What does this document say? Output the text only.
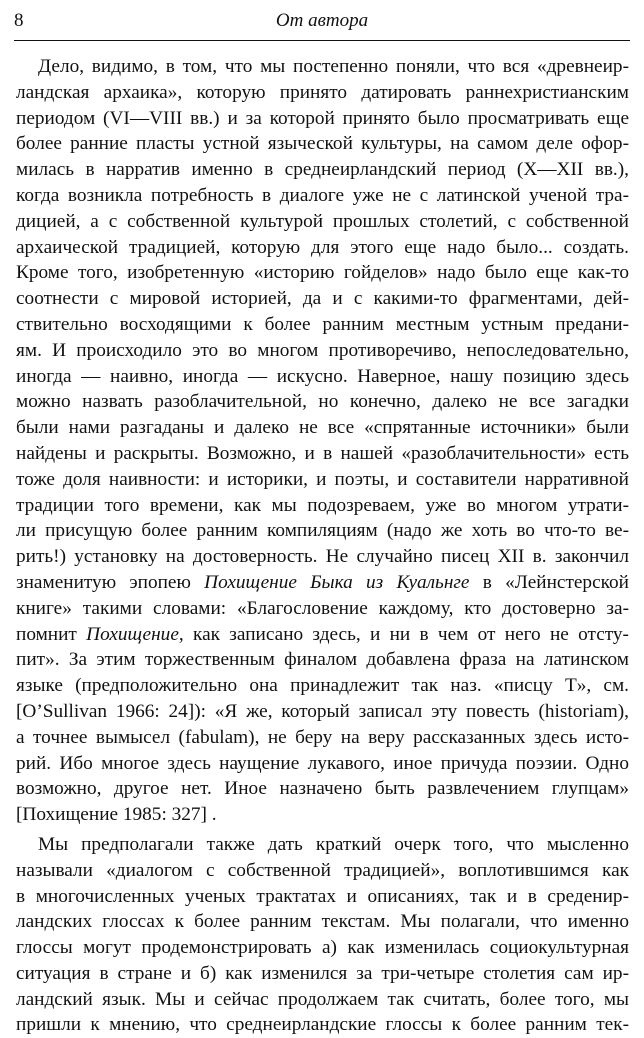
8	От автора
Дело, видимо, в том, что мы постепенно поняли, что вся «древнеир-
ландская архаика», которую принято датировать раннехристианским
периодом (VI—VIII вв.) и за которой принято было просматривать еще
более ранние пласты устной языческой культуры, на самом деле офор-
милась в нарратив именно в среднеирландский период (X—XII вв.),
когда возникла потребность в диалоге уже не с латинской ученой тра-
дицией, а с собственной культурой прошлых столетий, с собственной
архаической традицией, которую для этого еще надо было... создать.
Кроме того, изобретенную «историю гойделов» надо было еще как-то
соотнести с мировой историей, да и с какими-то фрагментами, дей-
ствительно восходящими к более ранним местным устным предани-
ям. И происходило это во многом противоречиво, непоследовательно,
иногда — наивно, иногда — искусно. Наверное, нашу позицию здесь
можно назвать разоблачительной, но конечно, далеко не все загадки
были нами разгаданы и далеко не все «спрятанные источники» были
найдены и раскрыты. Возможно, и в нашей «разоблачительности» есть
тоже доля наивности: и историки, и поэты, и составители нарративной
традиции того времени, как мы подозреваем, уже во многом утрати-
ли присущую более ранним компиляциям (надо же хоть во что-то ве-
рить!) установку на достоверность. Не случайно писец XII в. закончил
знаменитую эпопею Похищение Быка из Куальнге в «Лейнстерской
книге» такими словами: «Благословение каждому, кто достоверно за-
помнит Похищение, как записано здесь, и ни в чем от него не отсту-
пит». За этим торжественным финалом добавлена фраза на латинском
языке (предположительно она принадлежит так наз. «писцу T», см.
[O’Sullivan 1966: 24]): «Я же, который записал эту повесть (historiam),
а точнее вымысел (fabulam), не беру на веру рассказанных здесь исто-
рий. Ибо многое здесь наущение лукавого, иное причуда поэзии. Одно
возможно, другое нет. Иное назначено быть развлечением глупцам»
[Похищение 1985: 327] .
Мы предполагали также дать краткий очерк того, что мысленно
называли «диалогом с собственной традицией», воплотившимся как
в многочисленных ученых трактатах и описаниях, так и в среденир-
ландских глоссах к более ранним текстам. Мы полагали, что именно
глоссы могут продемонстрировать а) как изменилась социокультурная
ситуация в стране и б) как изменился за три-четыре столетия сам ир-
ландский язык. Мы и сейчас продолжаем так считать, более того, мы
пришли к мнению, что среднеирландские глоссы к более ранним тек-
